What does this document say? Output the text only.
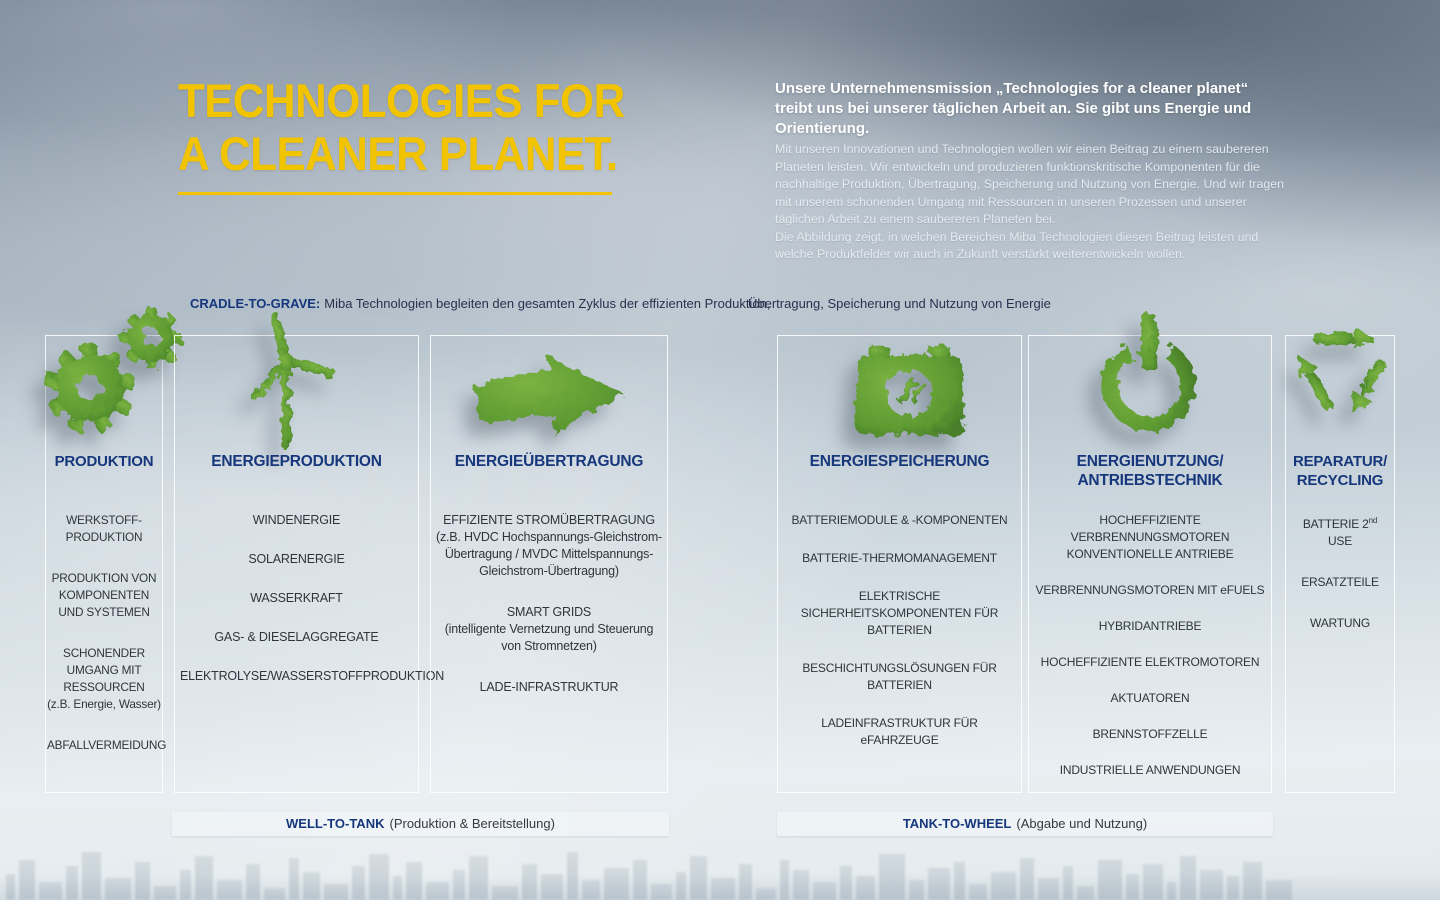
TECHNOLOGIES FOR
A CLEANER PLANET.

Unsere Unternehmensmission „Technologies for a cleaner planet“ treibt uns bei unserer täglichen Arbeit an. Sie gibt uns Energie und Orientierung.

Mit unseren Innovationen und Technologien wollen wir einen Beitrag zu einem saubereren Planeten leisten. Wir entwickeln und produzieren funktionskritische Komponenten für die nachhaltige Produktion, Übertragung, Speicherung und Nutzung von Energie. Und wir tragen mit unserem schonenden Umgang mit Ressourcen in unseren Prozessen und unserer täglichen Arbeit zu einem saubereren Planeten bei.

Die Abbildung zeigt, in welchen Bereichen Miba Technologien diesen Beitrag leisten und welche Produktfelder wir auch in Zukunft verstärkt weiterentwickeln wollen.

CRADLE-TO-GRAVE: Miba Technologien begleiten den gesamten Zyklus der effizienten Produktion,
Übertragung, Speicherung und Nutzung von Energie
PRODUKTION
WERKSTOFF-PRODUKTION
PRODUKTION VON KOMPONENTEN UND SYSTEMEN
SCHONENDER UMGANG MIT RESSOURCEN
(z.B. Energie, Wasser)
ABFALLVERMEIDUNG
ENERGIEPRODUKTION
WINDENERGIE
SOLARENERGIE
WASSERKRAFT
GAS- & DIESELAGGREGATE
ELEKTROLYSE/WASSERSTOFFPRODUKTION
ENERGIEÜBERTRAGUNG
EFFIZIENTE STROMÜBERTRAGUNG
(z.B. HVDC Hochspannungs-Gleichstrom-Übertragung / MVDC Mittelspannungs-Gleichstrom-Übertragung)
SMART GRIDS
(intelligente Vernetzung und Steuerung von Stromnetzen)
LADE-INFRASTRUKTUR
ENERGIESPEICHERUNG
BATTERIEMODULE & -KOMPONENTEN
BATTERIE-THERMOMANAGEMENT
ELEKTRISCHE SICHERHEITSKOMPONENTEN FÜR BATTERIEN
BESCHICHTUNGSLÖSUNGEN FÜR BATTERIEN
LADEINFRASTRUKTUR FÜR eFAHRZEUGE
ENERGIENUTZUNG/
ANTRIEBSTECHNIK
HOCHEFFIZIENTE VERBRENNUNGSMOTOREN KONVENTIONELLE ANTRIEBE
VERBRENNUNGSMOTOREN MIT eFUELS
HYBRIDANTRIEBE
HOCHEFFIZIENTE ELEKTROMOTOREN
AKTUATOREN
BRENNSTOFFZELLE
INDUSTRIELLE ANWENDUNGEN
REPARATUR/
RECYCLING
BATTERIE 2nd USE
ERSATZTEILE
WARTUNG
WELL-TO-TANK (Produktion & Bereitstellung)	TANK-TO-WHEEL (Abgabe und Nutzung)
